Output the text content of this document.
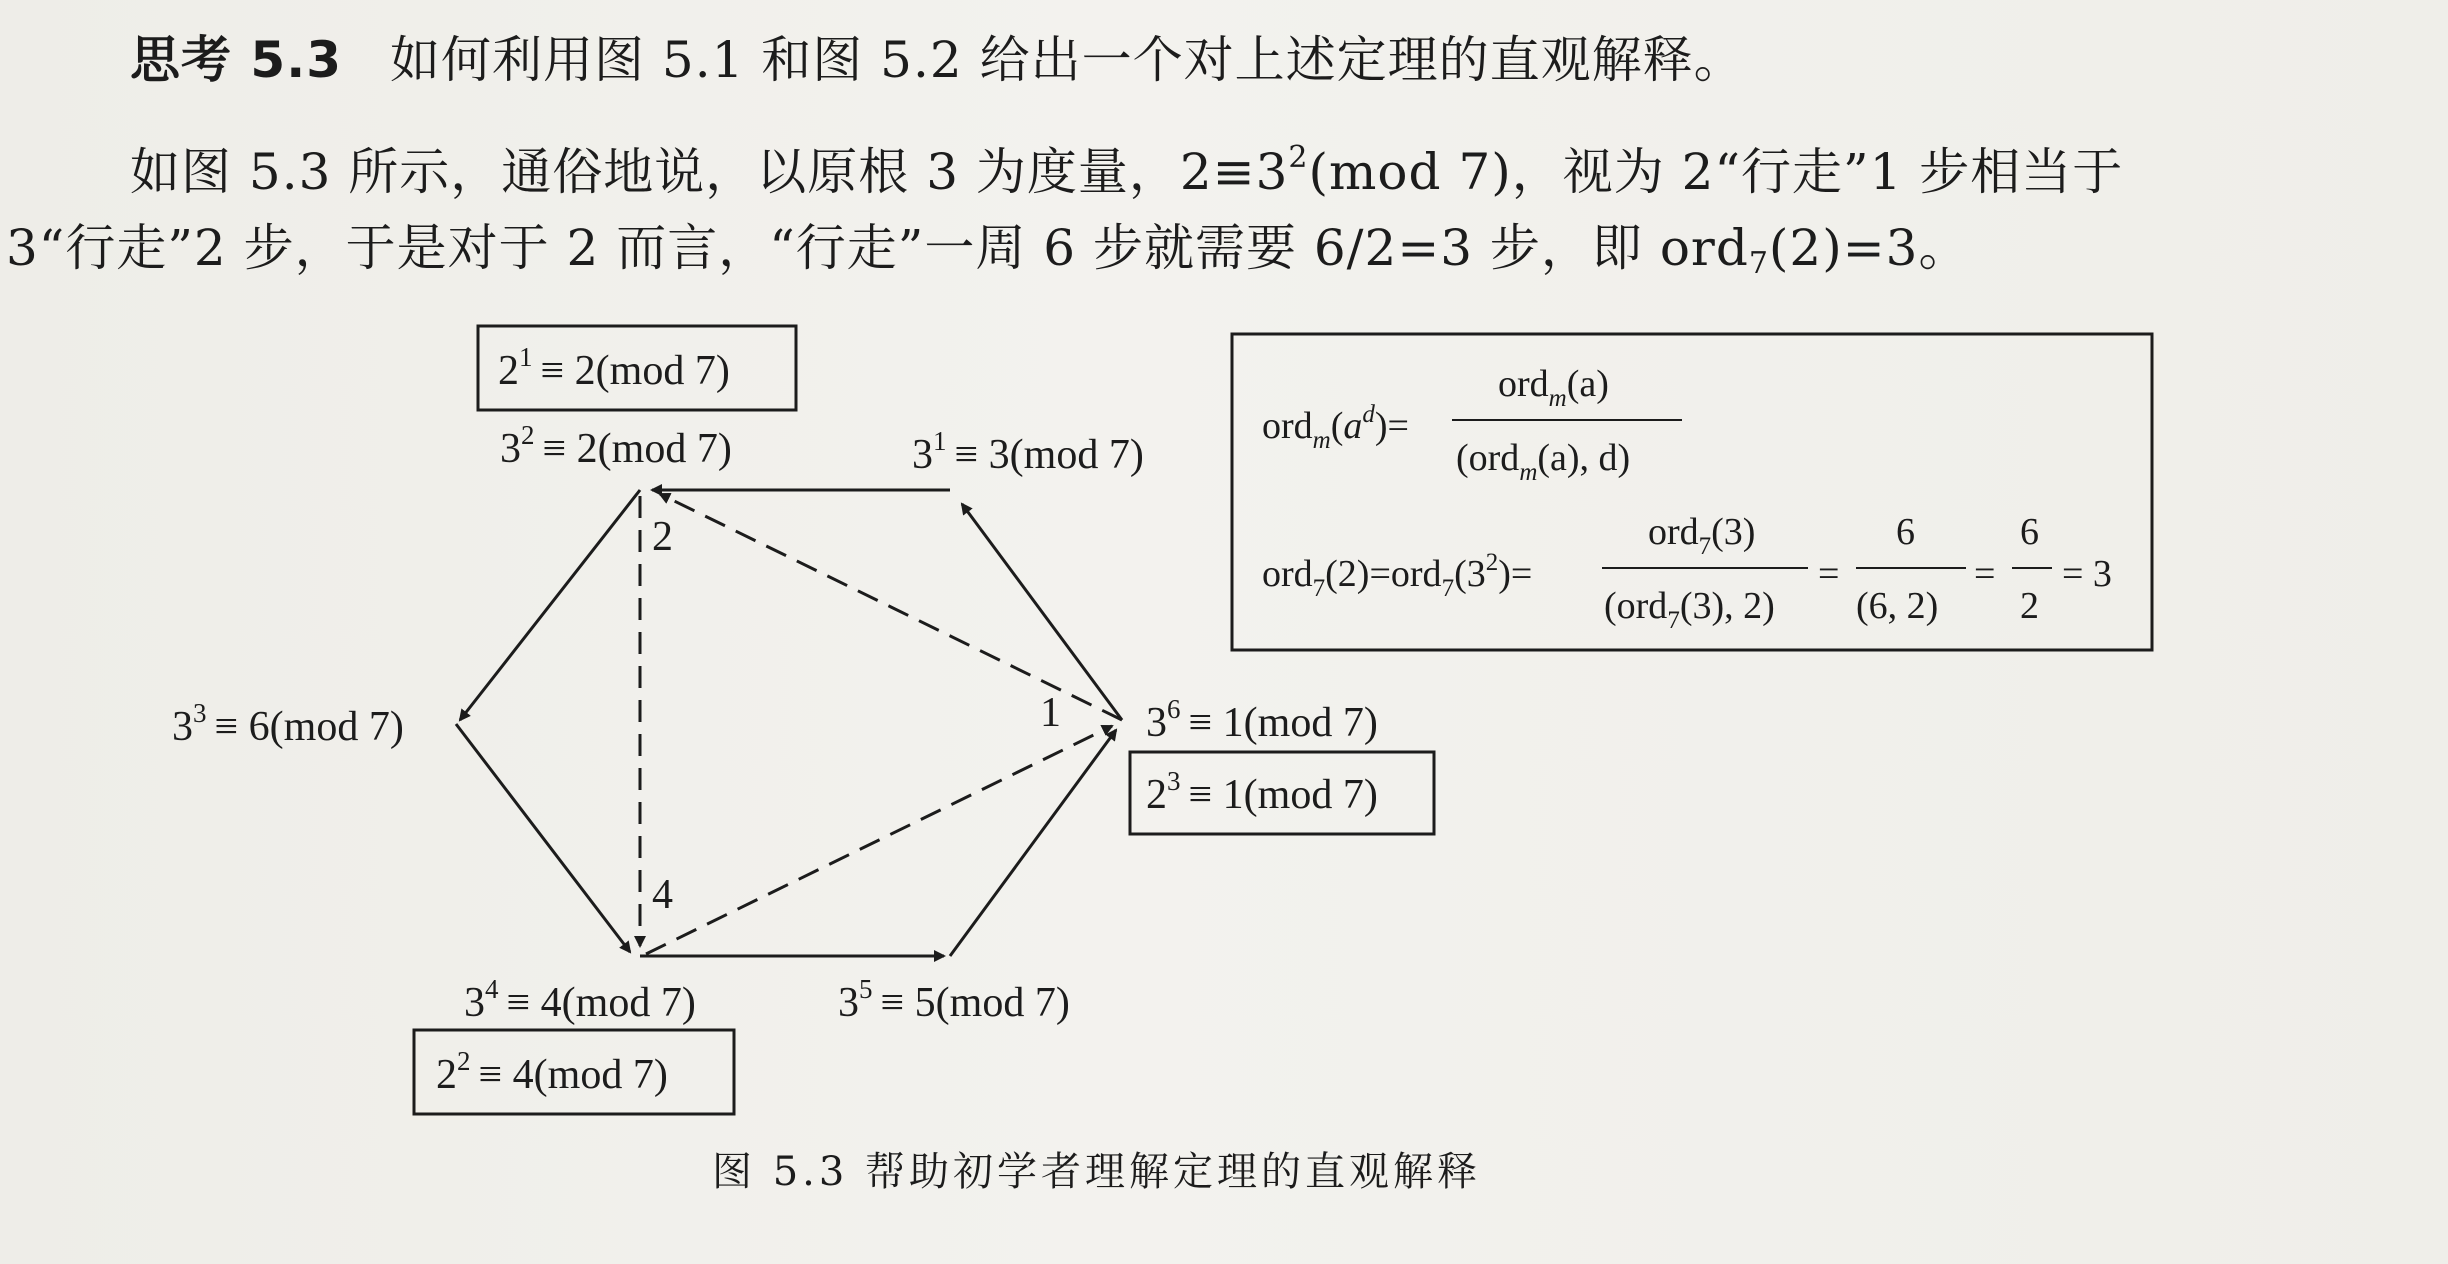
思考 5.3 如何利用图 5.1 和图 5.2 给出一个对上述定理的直观解释。
如图 5.3 所示，通俗地说，以原根 3 为度量，$2\equiv 3^2(mod$ 7)，视为 2“行走”1 步相当于
3“行走”2 步，于是对于 2 而言，“行走”一周 6 步就需要 6/2=3 步，即 ord$_7$(2)=3。
2
1
4
$2^1 \equiv 2(mod$ 7)
$2^3 \equiv 1(mod$ 7)
$2^2 \equiv 4(mod$ 7)
$3^1 \equiv 3(mod$ 7)
$3^2 \equiv 2(mod$ 7)
$3^3 \equiv 6(mod$ 7)
$3^4 \equiv 4(mod$ 7)	$3^5 \equiv 5(mod$ 7)
$3^6 \equiv 1(mod$ 7)
$ord_m(a^d)=$
ord$_m$(a)
(ord$_m$(a), d)
$ord_7(2)=ord_7(3^2)=$
ord$_7$(3)
(ord$_7$(3), 2)
=
6
(6, 2)
=
6
2
= 3
图 5.3 帮助初学者理解定理的直观解释
